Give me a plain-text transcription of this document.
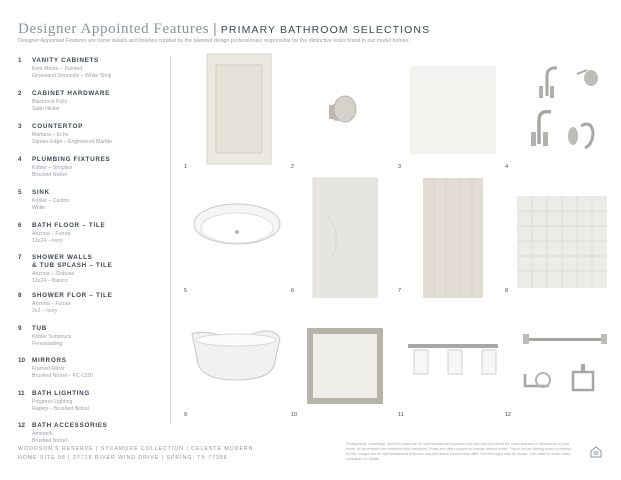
Designer Appointed Features | PRIMARY BATHROOM SELECTIONS
Designer Appointed Features are home details and finishes curated by the talented design professionals responsible for the distinctive looks found in our model homes.
1 VANITY CABINETS
Kent Moore – Painted
Groveland Doorstyle – White Shoji
2 CABINET HARDWARE
Blackrock Pulls
Satin Nickel
3 COUNTERTOP
Marfana – Echo
Square Edge – Engineered Marble
4 PLUMBING FIXTURES
Kohler – Simplice
Brushed Nickel
5 SINK
Kohler – Caxton
White
6 BATH FLOOR – TILE
Arizona – Futura
12x24 – Ivory
7 SHOWER WALLS
& TUB SPLASH – TILE
Arizona – Shibusa
12x24 – Bianco
8 SHOWER FLOR – TILE
Arizona – Futura
2x2 – Ivory
9 TUB
Kohler Sunstruck
Freestanding
10 MIRRORS
Framed Mirror
Brushed Nickel – FC-1320
11 BATH LIGHTING
Progress Lighting
Rapley – Brushed Nickel
12 BATH ACCESSORIES
Amerock
Brushed Nickel
1	2	3	4
5	6	7	8
9	10	11	12
WOODSON'S RESERVE | SYCAMORE COLLECTION | CELESTE MODERN
HOME SITE 58 | 27718 RIVER WIND DRIVE | SPRING, TX 77386
Photographs, renderings, and floor plans are for representational purposes only and may not reflect the exact features or dimensions of your home. All dimensions are subject to field variations. Prices and offers subject to change without notice. This is not an offering where prohibited by law. Images are for representational purposes only and actual product may differ. Not all images may be shown. See online or onsite sales consultant for details.
